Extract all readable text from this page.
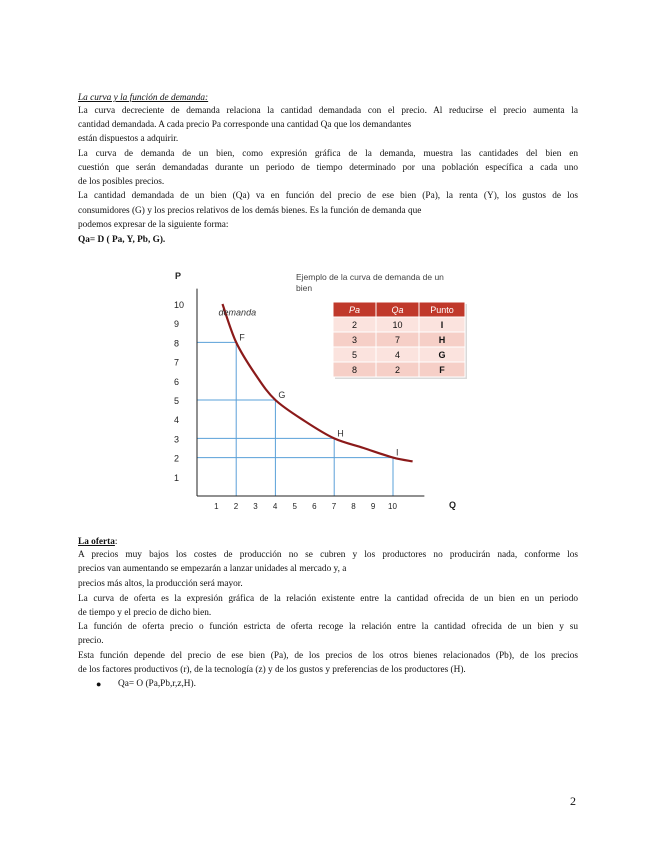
La curva y la función de demanda:
La curva decreciente de demanda relaciona la cantidad demandada con el precio. Al reducirse el precio aumenta la
cantidad demandada. A cada precio Pa corresponde una cantidad Qa que los demandantes
están dispuestos a adquirir.
La curva de demanda de un bien, como expresión gráfica de la demanda, muestra las cantidades del bien en
cuestión que serán demandadas durante un periodo de tiempo determinado por una población específica a cada uno
de los posibles precios.
La cantidad demandada de un bien (Qa) va en función del precio de ese bien (Pa), la renta (Y), los gustos de los
consumidores (G) y los precios relativos de los demás bienes. Es la función de demanda que
podemos expresar de la siguiente forma:
Qa= D ( Pa, Y, Pb, G).
P
Q
Ejemplo de la curva de demanda de un bien
1
2
3
4
5
6
7
8
9
10
1 2 3 4 5 6 7 8 9 10
demanda
F
G
H
I
Pa	Qa	Punto
2	10	I
3	7	H
5	4	G
8	2	F
La oferta:
A precios muy bajos los costes de producción no se cubren y los productores no producirán nada, conforme los
precios van aumentando se empezarán a lanzar unidades al mercado y, a
precios más altos, la producción será mayor.
La curva de oferta es la expresión gráfica de la relación existente entre la cantidad ofrecida de un bien en un periodo
de tiempo y el precio de dicho bien.
La función de oferta precio o función estricta de oferta recoge la relación entre la cantidad ofrecida de un bien y su
precio.
Esta función depende del precio de ese bien (Pa), de los precios de los otros bienes relacionados (Pb), de los precios
de los factores productivos (r), de la tecnología (z) y de los gustos y preferencias de los productores (H).
● Qa= O (Pa,Pb,r,z,H).
2
